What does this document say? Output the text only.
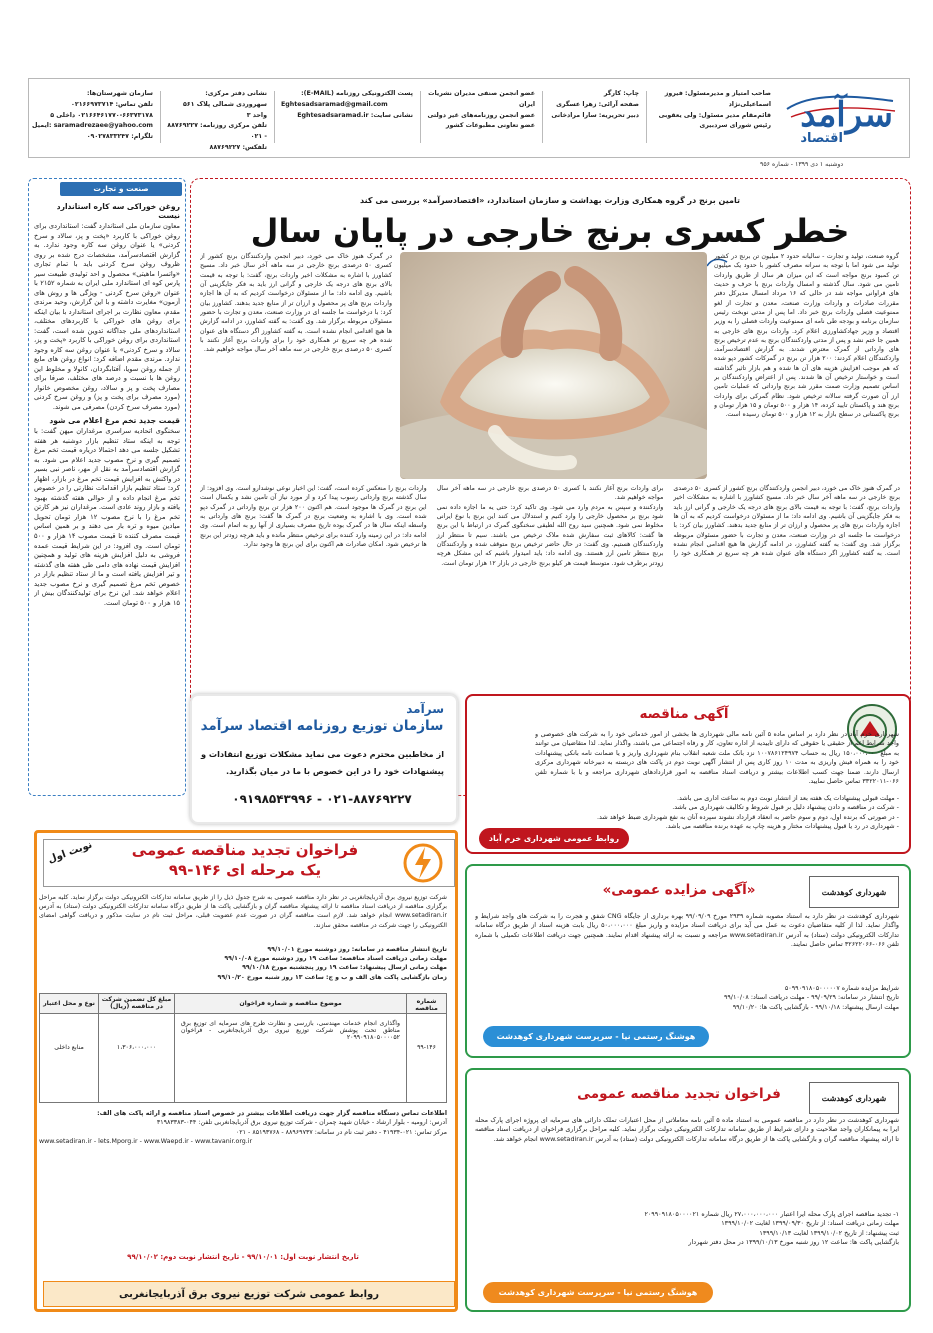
سرآمد
اقتصاد
صاحب امتیاز و مدیرمسئول: فیروز اسماعیلی‌نژاد
قائم‌مقام مدیر مسئول: ولی یعقوبی
رئیس شورای سردبیری
چاپ: کارگر
صفحه آرائی: زهرا عسگری
دبیر تحریریه: سارا مرادخانی
عضو انجمن صنفی مدیران نشریات ایران
عضو انجمن روزنامه‌های غیر دولتی
عضو تعاونی مطبوعات کشور
پست الکترونیکی روزنامه (E-MAIL):
Eghtesadsaramad@gmail.com
نشانی سایت: Eghtesadsaramad.ir
نشانی دفتر مرکزی:
سهروردی شمالی پلاک ۵۶۱ واحد ۳
تلفن مرکزی روزنامه: ۸۸۷۶۹۲۲۷ - ۰۲۱
تلفکس: ۸۸۷۶۹۲۲۷
سازمان شهرستان‌ها:
تلفن تماس: ۰۲۱۶۶۹۷۳۷۱۴
۰۲۱۶۶۴۶۱۷۷۰-۶۶۳۷۳۱۷۸ داخلی ۵
saramadrezaee@yahoo.com :ایمیل
تلگرام: ۰۹۰۲۷۸۳۳۲۴۷
دوشنبه ۱ دی ۱۳۹۹ - شماره ۹۵۶
صنعت و تجارت
روغن خوراکی سه کاره استاندارد نیست
معاون سازمان ملی استاندارد گفت: استانداردی برای روغن خوراکی با کاربرد «پخت و پز، سالاد و سرخ کردنی» یا عنوان روغن سه کاره وجود ندارد. به گزارش اقتصادسرآمد، مشخصات درج شده بر روی ظروف روغن سرخ کردنی باید با تمام تجاری «واتسرا ماهیتی» محصول و احد تولیدی طبیعت سیر پارس کوه ای استاندارد ملی ایران به شماره ۲۱۵۲ با عنوان «روغن سرخ کردنی - ویژگی ها و روش های آزمون» مغایرت داشته و با این گزارش، وحید مرندی مقدم، معاون نظارت بر اجرای استاندارد با بیان اینکه برای روغن های خوراکی با کاربردهای مختلف، استانداردهای ملی جداگانه تدوین شده است، گفت: استانداردی برای روغن خوراکی با کاربرد «پخت و پز، سالاد و سرخ کردنی» یا عنوان روغن سه کاره وجود ندارد. مرندی مقدم اضافه کرد: انواع روغن های مایع از جمله روغن سویا، آفتابگردان، کانولا و مخلوط این روغن ها با نسبت و درصد های مختلف، صرفا برای مصارف پخت و پز و سالاد، روغن مخصوص خانوار (مورد مصرف برای پخت و پز) و روغن سرخ کردنی (مورد مصرف سرخ کردن) مصرفی می شوند.
قیمت جدید تخم مرغ اعلام می شود
سخنگوی اتحادیه سراسری مرغداران میهن گفت: با توجه به اینکه ستاد تنظیم بازار دوشنبه هر هفته تشکیل جلسه می دهد احتمالا دریاره قیمت تخم مرغ تصمیم گیری و نرخ مصوب جدید اعلام می شود. به گزارش اقتصادسرآمد به نقل از مهر، ناصر نبی بسیر در واکنش به افزایش قیمت تخم مرغ در بازار، اظهار کرد: ستاد تنظیم بازار اقدامات نظارتی را در خصوص تخم مرغ انجام داده و از حوالی هفته گذشته بهبود یافته و بازار روند عادی است. مرغداران نیز هر کارتن تخم مرغ را با نرخ مصوب ۱۲ هزار تومان تحویل میادین میوه و تره بار می دهند و بر همین اساس قیمت مصرف کننده تا قیمت مصوب ۱۴ هزار و ۵۰۰ تومان است. وی افزود: در این شرایط قیمت عمده فروشی به دلیل افزایش هزینه های تولید و همچنین افزایش قیمت نهاده های دامی طی هفته های گذشته و تیر افزایش یافته است و ما از ستاد تنظیم بازار در خصوص تخم مرغ تصمیم گیری و نرخ مصوب جدید اعلام خواهد شد. این نرخ برای تولیدکنندگان بیش از ۱۵ هزار و ۵۰۰ تومان است.
تامین برنج در گروه همکاری وزارت بهداشت و سازمان استاندارد، «اقتصادسرآمد» بررسی می کند
خطر کسری برنج خارجی در پایان سال
گروه صنعت، تولید و تجارت - سالیانه حدود ۲ میلیون تن برنج در کشور تولید می شود اما با توجه به سرانه مصرف کشور با حدود یک میلیون تن کمبود برنج مواجه است که این میزان هر سال از طریق واردات تامین می شود. سال گذشته و امسال واردات برنج با حرف و حدیث های فراوانی مواجه شد در حالی که ۱۶ مرداد امسال مدیرکل دفتر مقررات صادرات و واردات وزارت صنعت، معدن و تجارت از لغو ممنوعیت فصلی واردات برنج خبر داد. اما پس از مدتی نوبخت رئیس سازمان برنامه و بودجه طی نامه ای ممنوعیت واردات فصلی را به وزیر اقتصاد و وزیر جهادکشاورزی اعلام کرد. واردات برنج های خارجی به همین جا ختم نشد و پس از مدتی واردکنندگان برنج به عدم ترخیص برنج های وارداتی از گمرک معترض شدند. به گزارش اقتصادسرآمد، واردکنندگان اعلام کردند: ۲۰۰ هزار تن برنج در گمرکات کشور دپو شده که هم موجب افزایش هزینه های آن ها شده و هم بازار تاثیر گذاشته است و خواستار ترخیص آن ها شدند. پس از اعتراض واردکنندگان بر اساس تصمیم وزارت صمت مقرر شد برنج وارداتی که عملیات تامین ارز آن صورت گرفته سالانه ترخیص شود. نظام گمرکی برای واردات برنج هند و پاکستان تایید کرده، ۱۴ هزار و ۵۰۰ تومان و ۱۵ هزار تومان و برنج پاکستانی در سطح بازار به ۱۲ هزار و ۵۰۰ تومان رسیده است.
در گمرک هنوز خاک می خورد، دبیر انجمن واردکنندگان برنج کشور از کسری ۵۰ درصدی برنج خارجی در سه ماهه آخر سال خبر داد. مسیح کشاورز با اشاره به مشکلات اخیر واردات برنج، گفت: با توجه به قیمت بالای برنج های درجه یک خارجی و گرانی ارز باید به فکر جایگزینی آن باشیم. وی ادامه داد: ما از مسئولان درخواست کردیم که به آن ها اجازه واردات برنج های پر محصول و ارزان تر از منابع جدید بدهند. کشاورز بیان کرد: با درخواست ما جلسه ای در وزارت صنعت، معدن و تجارت با حضور مسئولان مربوطه برگزار شد. وی گفت: به گفته کشاورز، در ادامه گزارش ها هیچ اقدامی انجام نشده است. به گفته کشاورز اگر دستگاه های عنوان شده هر چه سریع تر همکاری خود را برای واردات برنج آغاز نکنند با کسری ۵۰ درصدی برنج خارجی در سه ماهه آخر سال مواجه خواهیم شد.
در گمرک هنوز خاک می خورد، دبیر انجمن واردکنندگان برنج کشور از کسری ۵۰ درصدی برنج خارجی در سه ماهه آخر سال خبر داد. مسیح کشاورز با اشاره به مشکلات اخیر واردات برنج، گفت: با توجه به قیمت بالای برنج های درجه یک خارجی و گرانی ارز باید به فکر جایگزینی آن باشیم. وی ادامه داد: ما از مسئولان درخواست کردیم که به آن ها اجازه واردات برنج های پر محصول و ارزان تر از منابع جدید بدهند. کشاورز بیان کرد: با درخواست ما جلسه ای در وزارت صنعت، معدن و تجارت با حضور مسئولان مربوطه برگزار شد. وی گفت: به گفته کشاورز، در ادامه گزارش ها هیچ اقدامی انجام نشده است. به گفته کشاورز اگر دستگاه های عنوان شده هر چه سریع تر همکاری خود را برای واردات برنج آغاز نکنند با کسری ۵۰ درصدی برنج خارجی در سه ماهه آخر سال مواجه خواهیم شد.
واردکننده و سپس به مردم وارد می شود. وی تاکید کرد: حتی یه ما اجازه داده نمی شود برنج بر محصول خارجی را وارد کنیم و استدلال می کنند این برنج با نوع ایرانی مخلوط نمی شود. همچنین سید روح الله لطیفی سخنگوی گمرک در ارتباط با این برنج ها گفت: کالاهای ثبت سفارش شده ملاک ترخیص می باشند. سیم تا منتظر ارز واردکنندگان هستیم. وی گفت: در حال حاضر ترخیص برنج متوقف شده و واردکنندگان برنج منتظر تامین ارز هستند. وی ادامه داد: باید امیدوار باشیم که این مشکل هرچه زودتر برطرف شود. متوسط قیمت هر کیلو برنج خارجی در بازار ۱۲ هزار تومان است.
واردات برنج را منعکس کرده است، گفت: این اخبار نوعی نوشدارو است. وی افزود: از سال گذشته برنج وارداتی رسوب پیدا کرد و از مورد نیاز آن تامین نشد و یکسال است این برنج در گمرک ها موجود است. هم اکنون ۲۰۰ هزار تن برنج وارداتی در گمرک دپو شده است. وی با اشاره به وضعیت برنج در گمرک ها گفت: برنج های وارداتی به واسطه اینکه سال ها در گمرک بوده تاریخ مصرف بسیاری از آنها رو به اتمام است. وی ادامه داد: در این زمینه وارد کننده برای ترخیص منتظر مانده و باید هرچه زودتر این برنج ها ترخیص شود. امکان صادرات هم اکنون برای این برنج ها وجود ندارد.
سرآمد
سازمان توزیع روزنامه اقتصاد سرآمد
از مخاطبین محترم دعوت می نماید مشکلات توزیع انتقادات و
پیشنهادات خود را در این خصوص با ما در میان بگذارید.
۰۲۱-۸۸۷۶۹۲۲۷ - ۰۹۱۹۸۵۴۳۹۹۶
آگهی مناقصه
شهرداری خرم آباد در نظر دارد بر اساس ماده ۵ آئین نامه مالی شهرداری ها بخشی از امور خدماتی خود را به شرکت های خصوصی و واجد شرایط اعم از حقیقی یا حقوقی که دارای تاییدیه از اداره تعاون، کار و رفاه اجتماعی می باشند، واگذار نماید. لذا متقاضیان می توانند به مبلغ ۱۵۰،۰۰۰،۰۰۰ ریال به حساب ۱۰۰۷۸۶۱۲۴۹۷۴ نزد بانک ملت شعبه انقلاب بنام شهرداری واریز و یا ضمانت نامه بانکی پیشنهادات خود را به همراه فیش واریزی به مدت ۱۰ روز کاری پس از انتشار آگهی نوبت دوم در پاکت های دربسته به دبیرخانه شهرداری مرکزی ارسال دارند. ضمنا جهت کسب اطلاعات بیشتر و دریافت اسناد مناقصه به امور قراردادهای شهرداری مراجعه و یا با شماره تلفن ۰۶۶-۳۳۲۲۰۱۱ تماس حاصل نمایید.
- مهلت قبولی پیشنهادات یک هفته بعد از انتشار نوبت دوم به ساعت اداری می باشد.
- شرکت در مناقصه و دادن پیشنهاد دلیل بر قبول شروط و تکالیف شهرداری می باشد.
- در صورتی که برنده اول، دوم و سوم حاضر به انعقاد قرارداد نشوند سپرده آنان به نفع شهرداری ضبط خواهد شد.
- شهرداری در رد یا قبول پیشنهادات مختار و هزینه چاپ به عهده برنده مناقصه می باشد.
روابط عمومی شهرداری خرم آباد
شهرداری کوهدشت
«آگهی مزایده عمومی»
شهرداری کوهدشت در نظر دارد به استناد مصوبه شماره ۲۹۳۹ مورخ ۹۹/۰۹/۰۹ بهره برداری از جایگاه CNG شفق و هجرت را به شرکت های واجد شرایط و واگذار نماید. لذا از کلیه متقاضیان دعوت به عمل می آید برای دریافت اسناد مزایده و واریز مبلغ ۵۰،۰۰۰،۰۰۰ ریال بابت هزینه اسناد از طریق درگاه سامانه تدارکات الکترونیکی دولت (ستاد) به آدرس www.setadiran.ir مراجعه و نسبت به ارائه پیشنهاد اقدام نمایند. همچنین جهت دریافت اطلاعات تکمیلی با شماره تلفن ۰۶۶-۳۲۶۲۲۰۶۶ تماس حاصل نمایند.
شرایط مزایده شماره ۵۰۹۹۰۹۱۸۰۵۰۰۰۰۰۷
تاریخ انتشار در سامانه: ۹۹/۰۹/۲۹ - مهلت دریافت اسناد: ۹۹/۱۰/۰۸
مهلت ارسال پیشنهاد: ۹۹/۱۰/۱۸ - بازگشایی پاکت ها: ۹۹/۱۰/۲۰
هوشنگ رستمی نیا - سرپرست شهرداری کوهدشت
شهرداری کوهدشت
فراخوان تجدید مناقصه عمومی
شهرداری کوهدشت در نظر دارد در مناقصه عمومی به استناد ماده ۵ آئین نامه معاملاتی از محل اعتبارات تملک دارائی های سرمایه ای پروژه اجرای پارک محله ایرا به پیمانکاران واجد صلاحیت و دارای شرایط از طریق سامانه تدارکات الکترونیکی دولت برگزار نماید. کلیه مراحل برگزاری فراخوان از دریافت اسناد مناقصه تا ارائه پیشنهاد مناقصه گران و بازگشایی پاکت ها از طریق درگاه سامانه تدارکات الکترونیکی دولت (ستاد) به آدرس www.setadiran.ir انجام خواهد شد.
۱- تجدید مناقصه اجرای پارک محله ایرا اعتبار ۲۷،۰۰۰،۰۰۰،۰۰۰ ریال شماره ۲۰۹۹۰۹۱۸۰۵۰۰۰۰۲۱
مهلت زمانی دریافت اسناد: از تاریخ ۱۳۹۹/۰۹/۳۰ لغایت ۱۳۹۹/۱۰/۰۲
ثبت پیشنهاد: از تاریخ ۱۳۹۹/۱۰/۰۲ لغایت ۱۳۹۹/۱۰/۱۳
بازگشایی پاکت ها: ساعت ۱۲ روز شنبه مورخ ۱۳۹۹/۱۰/۱۳ در محل دفتر شهردار
هوشنگ رستمی نیا - سرپرست شهرداری کوهدشت
نوبت اول	فراخوان تجدید مناقصه عمومی
یک مرحله ای ۱۴۶-۹۹
شرکت توزیع نیروی برق آذربایجانغربی در نظر دارد مناقصه عمومی به شرح جدول ذیل را از طریق سامانه تدارکات الکترونیکی دولت برگزار نماید. کلیه مراحل برگزاری مناقصه از دریافت اسناد مناقصه تا ارائه پیشنهاد مناقصه گران و بازگشایی پاکت ها از طریق درگاه سامانه تدارکات الکترونیکی دولت (ستاد) به آدرس www.setadiran.ir انجام خواهد شد. لازم است مناقصه گران در صورت عدم عضویت قبلی، مراحل ثبت نام در سایت مذکور و دریافت گواهی امضای الکترونیکی را جهت شرکت در مناقصه محقق سازند.
تاریخ انتشار مناقصه در سامانه: روز دوشنبه مورخ ۹۹/۱۰/۰۱
مهلت زمانی دریافت اسناد مناقصه: ساعت ۱۹ روز دوشنبه مورخ ۹۹/۱۰/۰۸
مهلت زمانی ارسال پیشنهاد: ساعت ۱۹ روز پنجشنبه مورخ ۹۹/۱۰/۱۸
زمان بازگشایی پاکت های الف و ب و ج: ساعت ۱۳ روز شنبه مورخ ۹۹/۱۰/۲۰
شماره مناقصه
موضوع مناقصه و شماره فراخوان
مبلغ کل تضمین شرکت در مناقصه (ریال)
نوع و محل اعتبار
۹۹-۱۴۶
واگذاری انجام خدمات مهندسی، بازرسی و نظارت طرح های سرمایه ای توزیع برق مناطق تحت پوشش شرکت توزیع نیروی برق آذربایجانغربی - فراخوان ۲۰۹۹۰۹۱۸۰۵۰۰۰۰۵۲
۱،۳۰۶،۰۰۰،۰۰۰
منابع داخلی
اطلاعات تماس دستگاه مناقصه گزار جهت دریافت اطلاعات بیشتر در خصوص اسناد مناقصه و ارائه پاکت های الف:
آدرس: ارومیه - بلوار ارشاد - خیابان شهید چمران - شرکت توزیع نیروی برق آذربایجانغربی تلفن: ۰۴۴-۳۱۹۸۳۳۸۳
مرکز تماس: ۰۲۱-۴۱۹۳۴ - دفتر ثبت نام در سامانه: ۸۸۹۶۹۷۳۷ - ۸۵۱۹۳۷۶۸ - ۰۲۱
www.setadiran.ir - lets.Mporg.ir - www.Waepd.ir - www.tavanir.org.ir
تاریخ انتشار نوبت اول: ۹۹/۱۰/۰۱ - تاریخ انتشار نوبت دوم: ۹۹/۱۰/۰۲
روابط عمومی شرکت توزیع نیروی برق آذربایجانغربی
